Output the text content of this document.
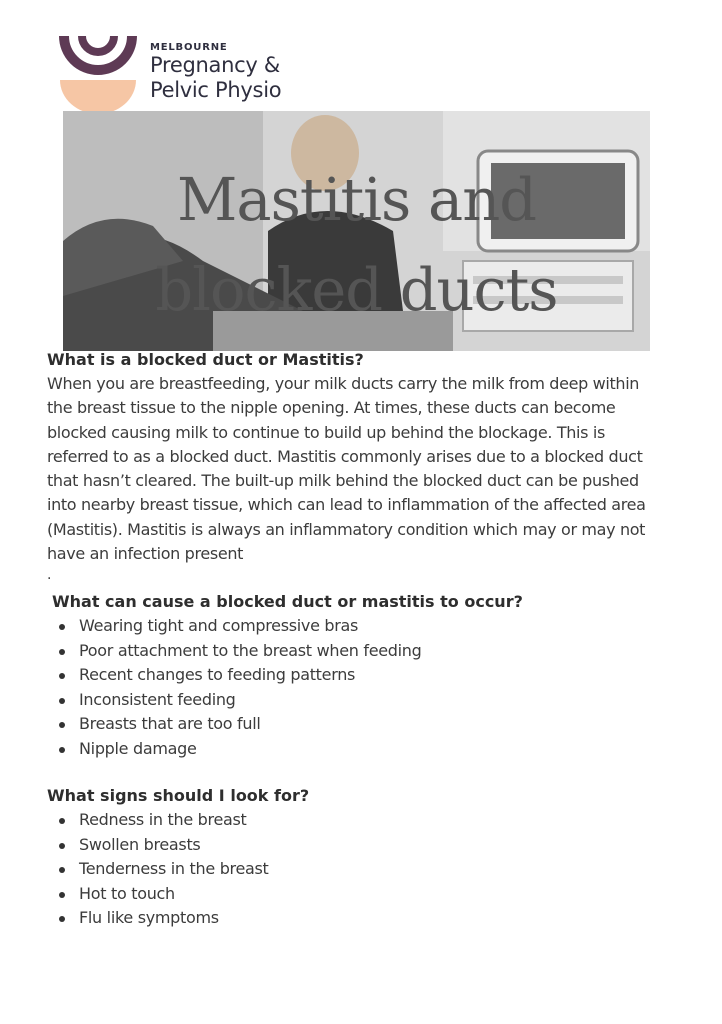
MELBOURNE
Pregnancy &
Pelvic Physio
Mastitis and
blocked ducts
What is a blocked duct or Mastitis?
When you are breastfeeding, your milk ducts carry the milk from deep within
the breast tissue to the nipple opening. At times, these ducts can become
blocked causing milk to continue to build up behind the blockage. This is
referred to as a blocked duct. Mastitis commonly arises due to a blocked duct
that hasn’t cleared. The built-up milk behind the blocked duct can be pushed
into nearby breast tissue, which can lead to inflammation of the affected area
(Mastitis). Mastitis is always an inflammatory condition which may or may not
have an infection present
.
What can cause a blocked duct or mastitis to occur?
Wearing tight and compressive bras
Poor attachment to the breast when feeding
Recent changes to feeding patterns
Inconsistent feeding
Breasts that are too full
Nipple damage
What signs should I look for?
Redness in the breast
Swollen breasts
Tenderness in the breast
Hot to touch
Flu like symptoms
